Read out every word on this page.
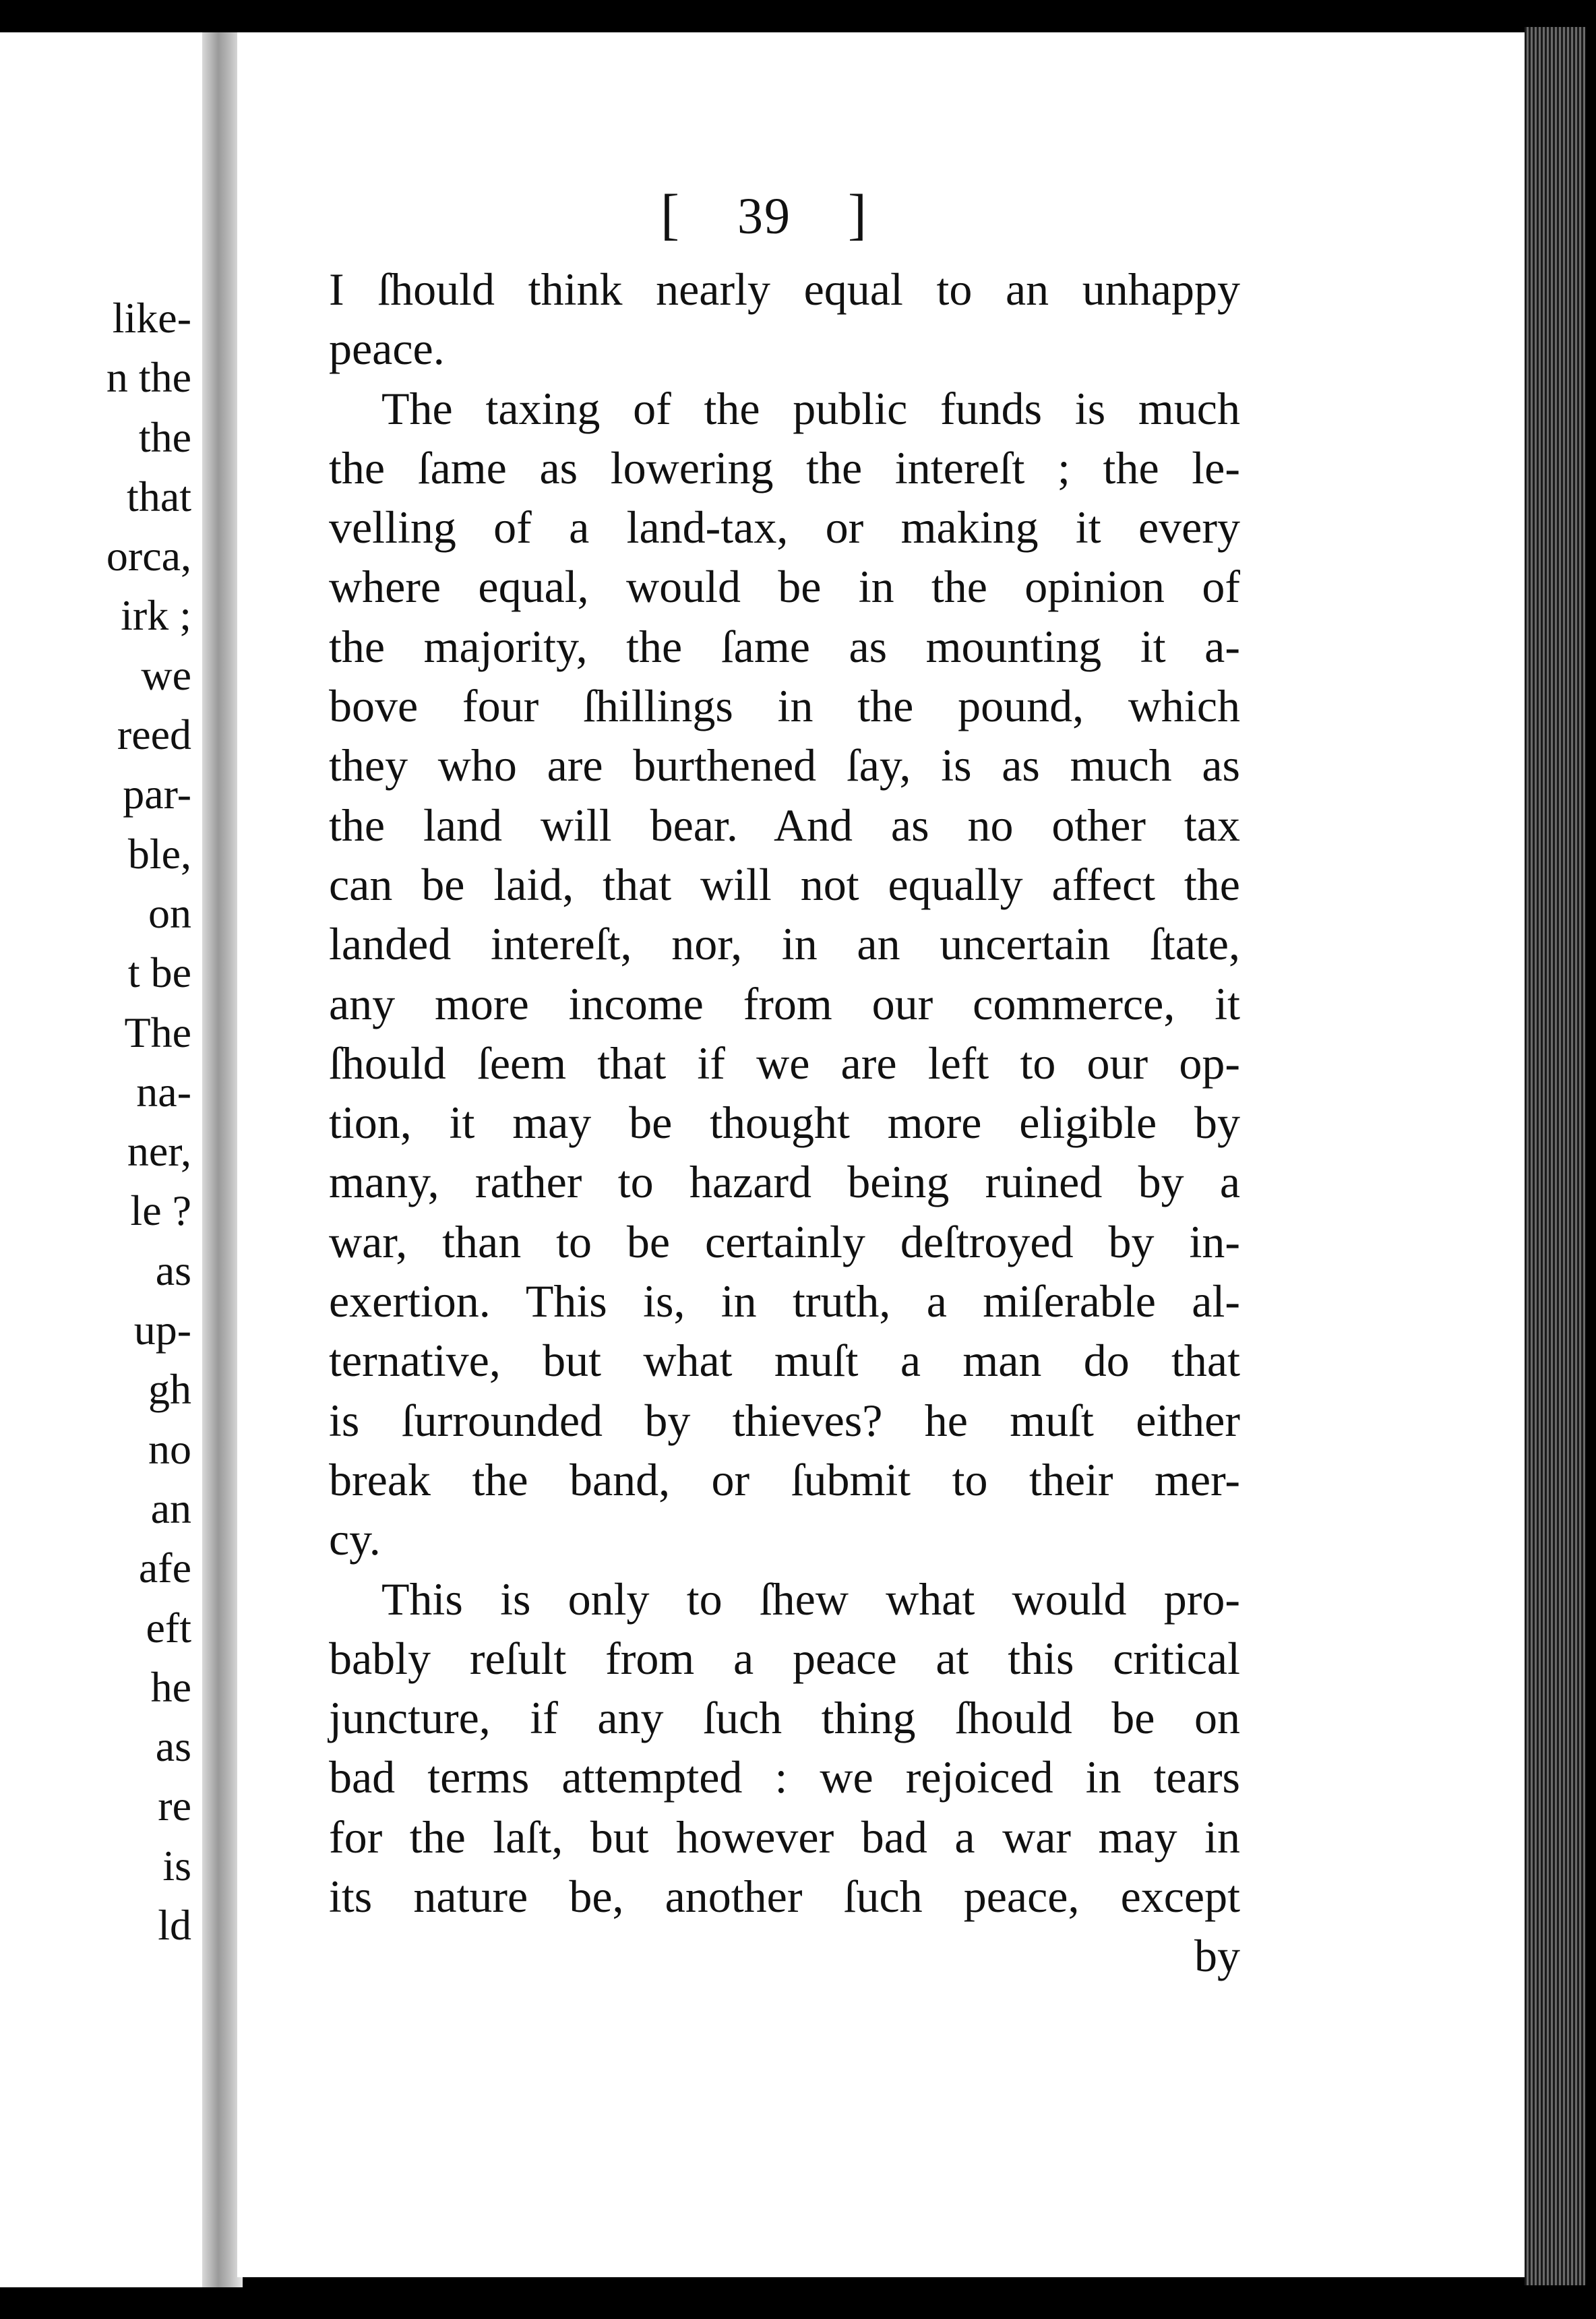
like-
n the
the
that
orca,
irk ;
we
reed
par-
ble,
on
t be
The
na-
ner,
le ?
as
up-
gh
no
an
afe
eft
he
as
re
is
ld
[ 39 ]
I ſhould think nearly equal to an unhappy
peace.
The taxing of the public funds is much
the ſame as lowering the intereſt ; the le-
velling of a land-tax, or making it every
where equal, would be in the opinion of
the majority, the ſame as mounting it a-
bove four ſhillings in the pound, which
they who are burthened ſay, is as much as
the land will bear. And as no other tax
can be laid, that will not equally affect the
landed intereſt, nor, in an uncertain ſtate,
any more income from our commerce, it
ſhould ſeem that if we are left to our op-
tion, it may be thought more eligible by
many, rather to hazard being ruined by a
war, than to be certainly deſtroyed by in-
exertion. This is, in truth, a miſerable al-
ternative, but what muſt a man do that
is ſurrounded by thieves? he muſt either
break the band, or ſubmit to their mer-
cy.
This is only to ſhew what would pro-
bably reſult from a peace at this critical
juncture, if any ſuch thing ſhould be on
bad terms attempted : we rejoiced in tears
for the laſt, but however bad a war may in
its nature be, another ſuch peace, except
by
